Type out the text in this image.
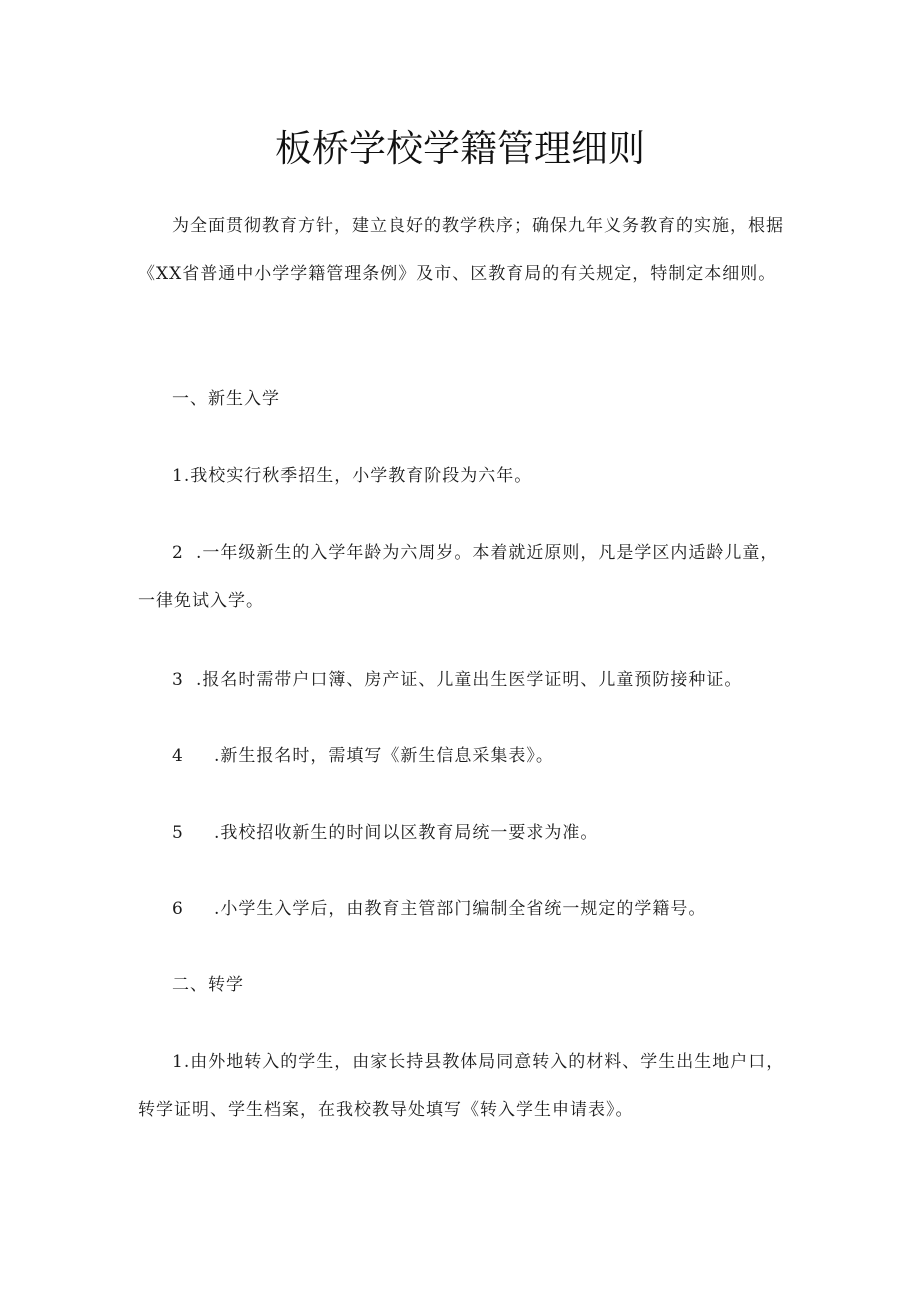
板桥学校学籍管理细则

为全面贯彻教育方针，建立良好的教学秩序；确保九年义务教育的实施，根据《XX省普通中小学学籍管理条例》及市、区教育局的有关规定，特制定本细则。

一、新生入学

1.我校实行秋季招生，小学教育阶段为六年。

2 .一年级新生的入学年龄为六周岁。本着就近原则，凡是学区内适龄儿童，一律免试入学。

3 .报名时需带户口簿、房产证、儿童出生医学证明、儿童预防接种证。

4 .新生报名时，需填写《新生信息采集表》。

5 .我校招收新生的时间以区教育局统一要求为准。

6 .小学生入学后，由教育主管部门编制全省统一规定的学籍号。

二、转学

1.由外地转入的学生，由家长持县教体局同意转入的材料、学生出生地户口，转学证明、学生档案，在我校教导处填写《转入学生申请表》。
